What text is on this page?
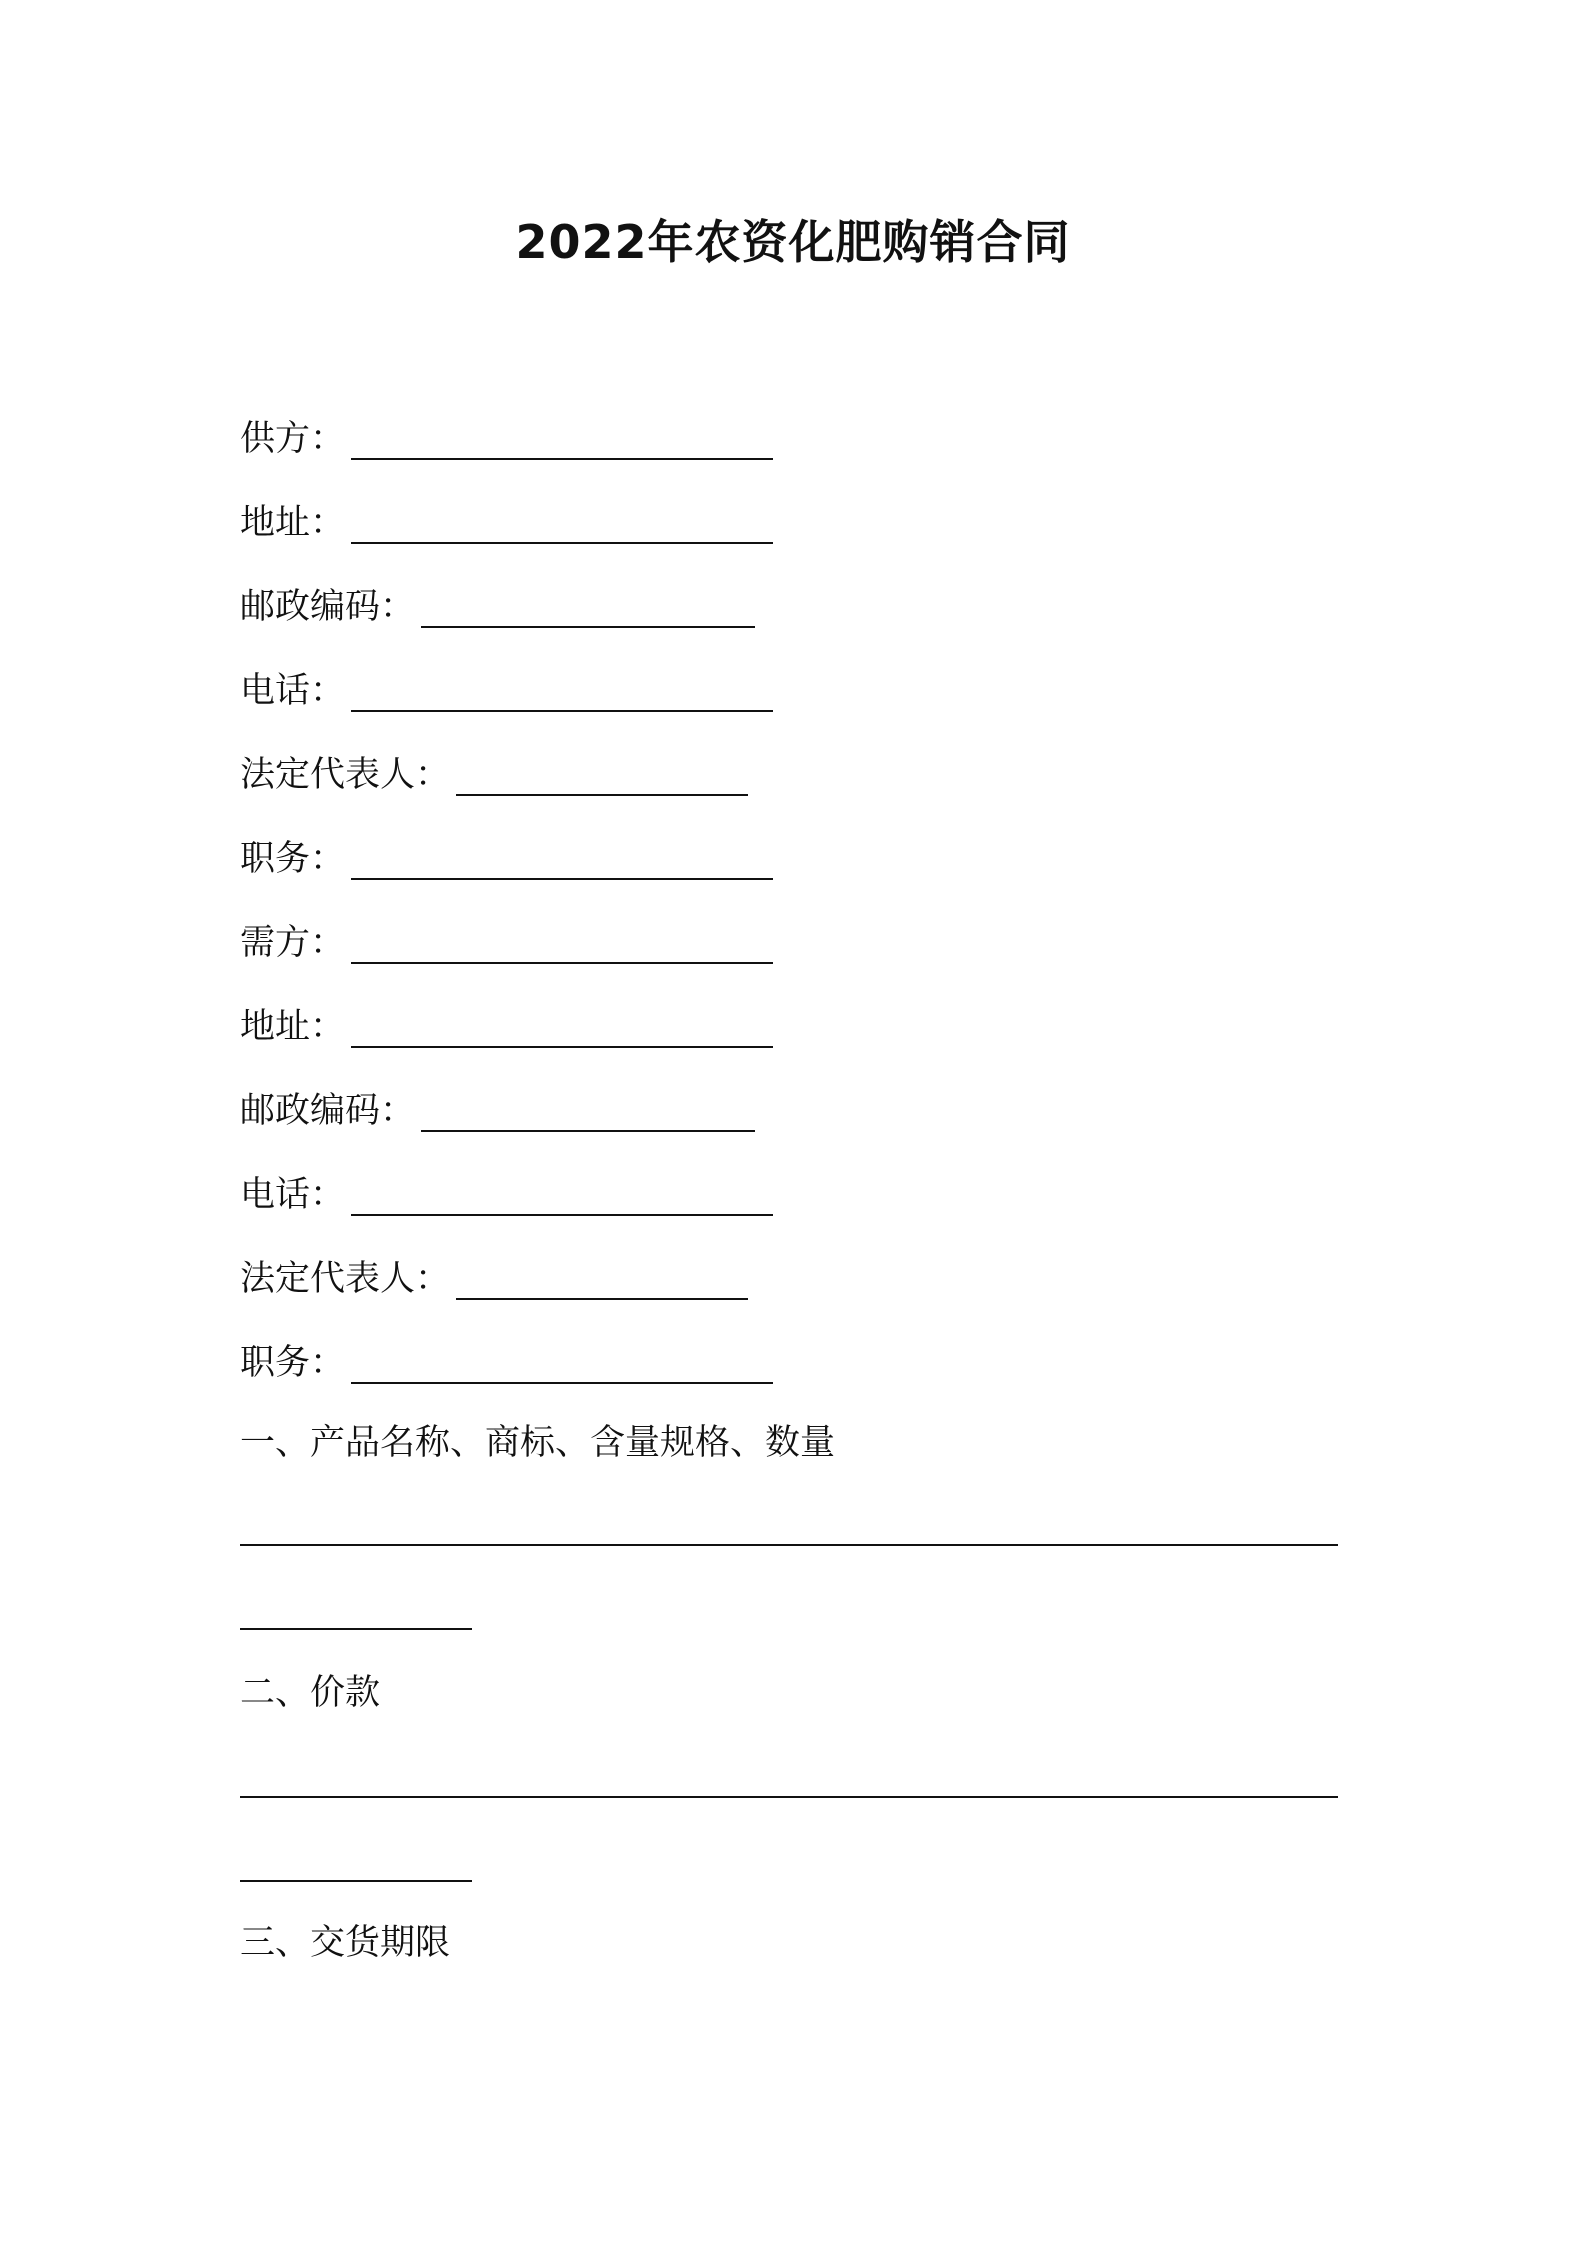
2022年农资化肥购销合同
供方：
地址：
邮政编码：
电话：
法定代表人：
职务：
需方：
地址：
邮政编码：
电话：
法定代表人：
职务：
一、产品名称、商标、含量规格、数量
二、价款
三、交货期限
